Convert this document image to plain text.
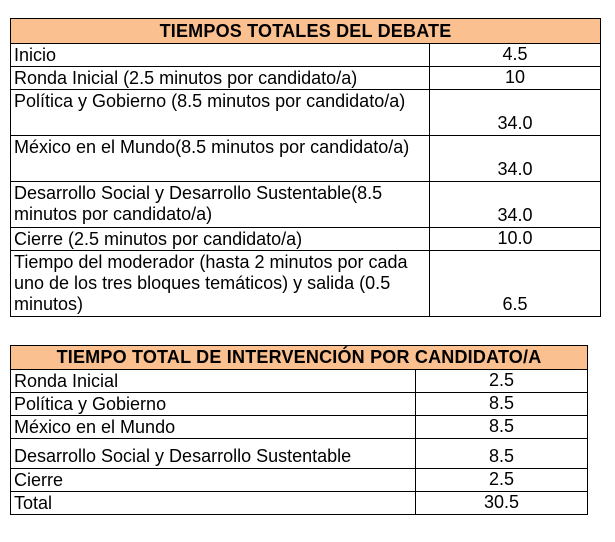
TIEMPOS TOTALES DEL DEBATE	
Inicio	4.5
Ronda Inicial (2.5 minutos por candidato/a)	10
Política y Gobierno (8.5 minutos por candidato/a)	34.0
México en el Mundo(8.5 minutos por candidato/a)	34.0
Desarrollo Social y Desarrollo Sustentable(8.5 minutos por candidato/a)	34.0
Cierre (2.5 minutos por candidato/a)	10.0
Tiempo del moderador (hasta 2 minutos por cada uno de los tres bloques temáticos) y salida (0.5 minutos)	6.5
TIEMPO TOTAL DE INTERVENCIÓN POR CANDIDATO/A	
Ronda Inicial	2.5
Política y Gobierno	8.5
México en el Mundo	8.5
Desarrollo Social y Desarrollo Sustentable	8.5
Cierre	2.5
Total	30.5
